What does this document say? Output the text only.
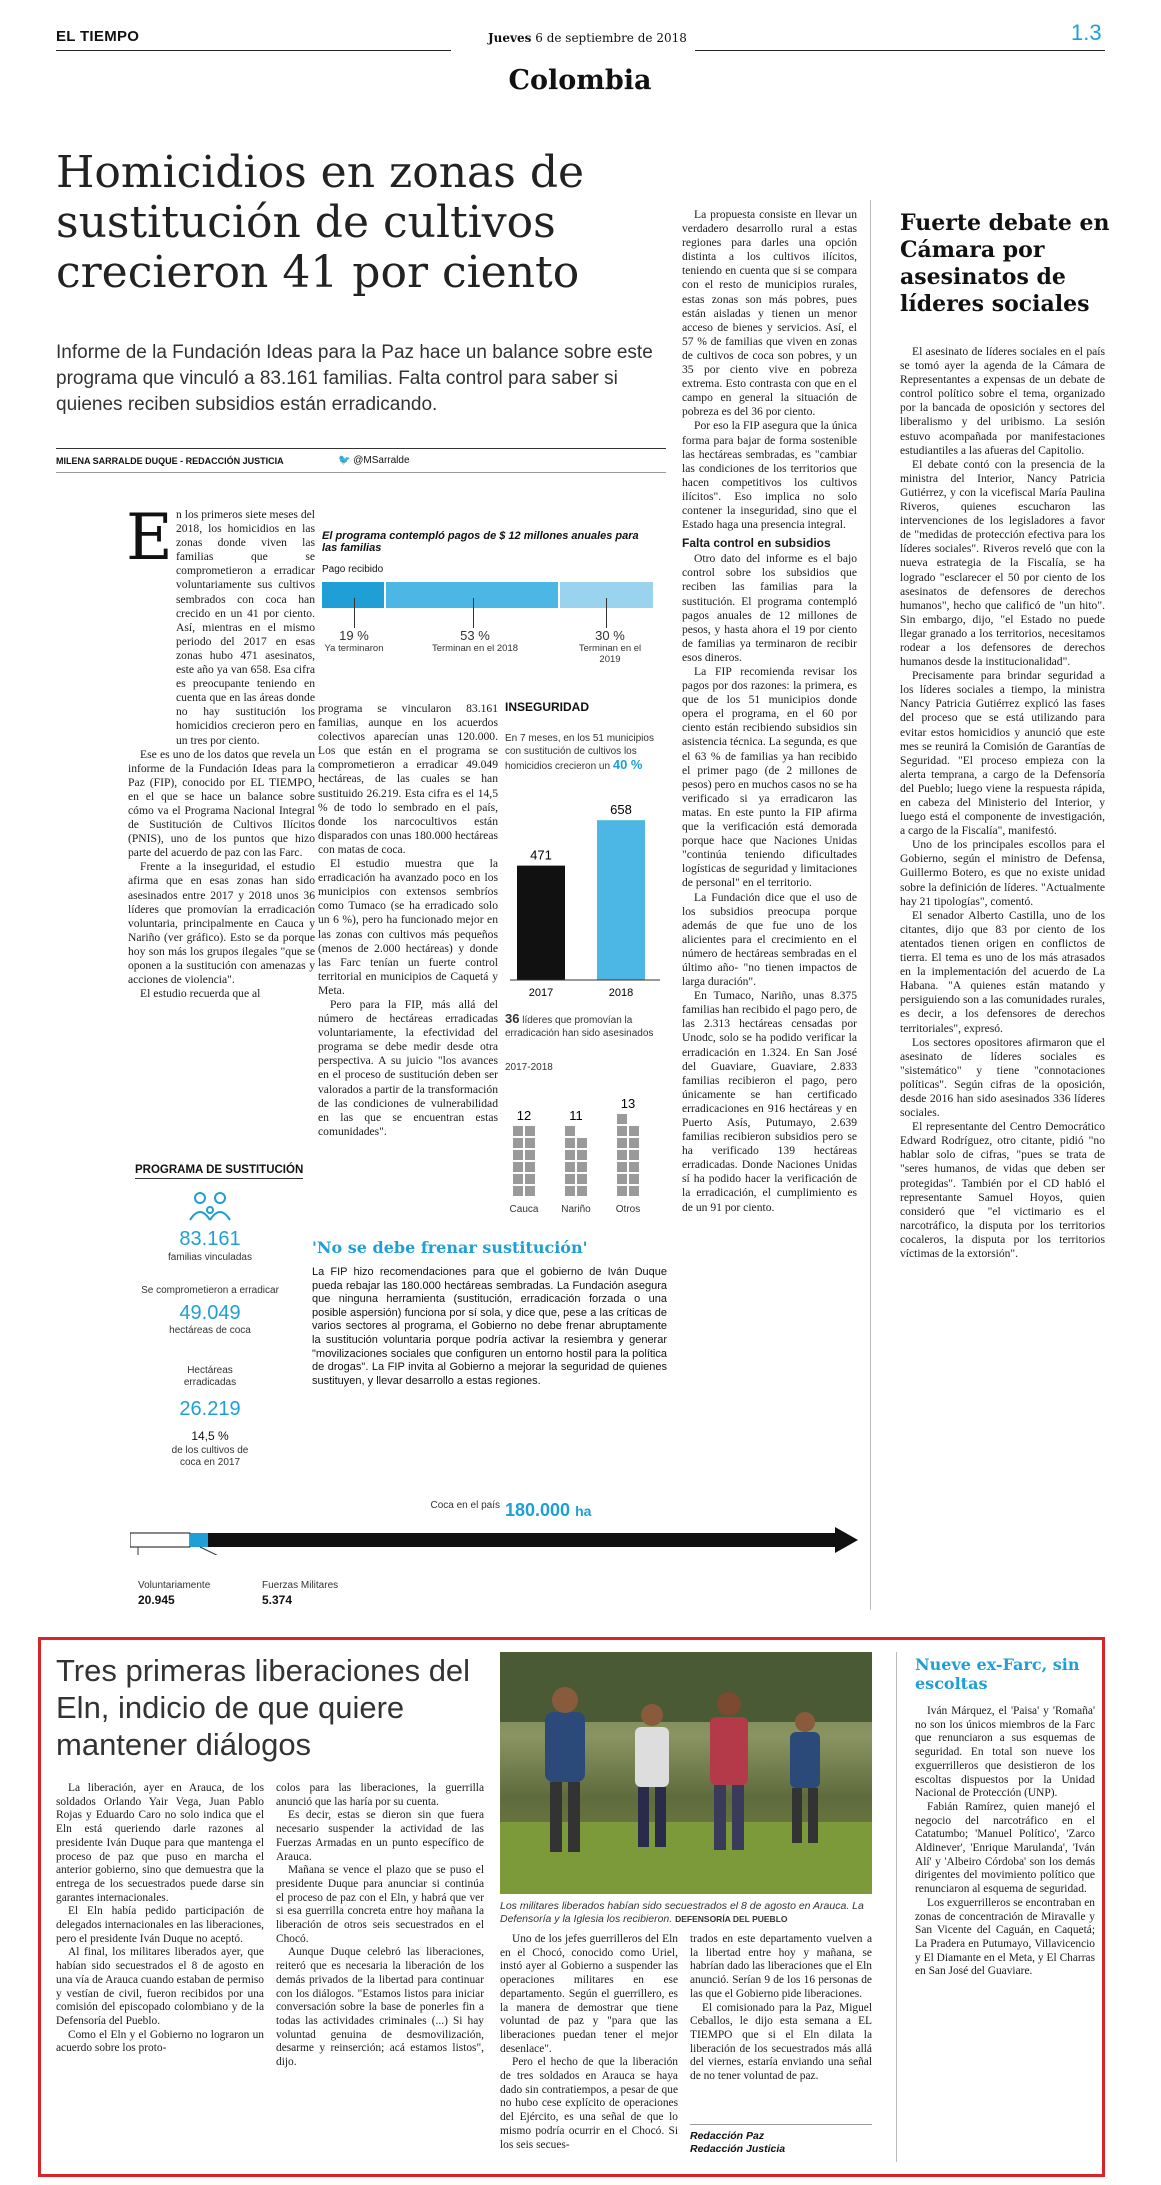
EL TIEMPO	Jueves 6 de septiembre de 2018	1.3
Colombia
Homicidios en zonas de sustitución de cultivos crecieron 41 por ciento
Informe de la Fundación Ideas para la Paz hace un balance sobre este programa que vinculó a 83.161 familias. Falta control para saber si quienes reciben subsidios están erradicando.
MILENA SARRALDE DUQUE - REDACCIÓN JUSTICIA	🐦 @MSarralde
E n los primeros siete meses del 2018, los homicidios en las zonas donde viven las familias que se comprometieron a erradicar voluntariamente sus cultivos sembrados con coca han crecido en un 41 por ciento. Así, mientras en el mismo periodo del 2017 en esas zonas hubo 471 asesinatos, este año ya van 658. Esa cifra es preocupante teniendo en cuenta que en las áreas donde no hay sustitución los homicidios crecieron pero en un tres por ciento.

Ese es uno de los datos que revela un informe de la Fundación Ideas para la Paz (FIP), conocido por EL TIEMPO, en el que se hace un balance sobre cómo va el Programa Nacional Integral de Sustitución de Cultivos Ilícitos (PNIS), uno de los puntos que hizo parte del acuerdo de paz con las Farc.

Frente a la inseguridad, el estudio afirma que en esas zonas han sido asesinados entre 2017 y 2018 unos 36 líderes que promovían la erradicación voluntaria, principalmente en Cauca y Nariño (ver gráfico). Esto se da porque hoy son más los grupos ilegales "que se oponen a la sustitución con amenazas y acciones de violencia".

El estudio recuerda que al

El programa contempló pagos de $ 12 millones anuales para las familias
Pago recibido
19 %
Ya terminaron
53 %
Terminan en el 2018
30 %
Terminan en el 2019

programa se vincularon 83.161 familias, aunque en los acuerdos colectivos aparecían unas 120.000. Los que están en el programa se comprometieron a erradicar 49.049 hectáreas, de las cuales se han sustituido 26.219. Esta cifra es el 14,5 % de todo lo sembrado en el país, donde los narcocultivos están disparados con unas 180.000 hectáreas con matas de coca.

El estudio muestra que la erradicación ha avanzado poco en los municipios con extensos sembríos como Tumaco (se ha erradicado solo un 6 %), pero ha funcionado mejor en las zonas con cultivos más pequeños (menos de 2.000 hectáreas) y donde las Farc tenían un fuerte control territorial en municipios de Caquetá y Meta.

Pero para la FIP, más allá del número de hectáreas erradicadas voluntariamente, la efectividad del programa se debe medir desde otra perspectiva. A su juicio "los avances en el proceso de sustitución deben ser valorados a partir de la transformación de las condiciones de vulnerabilidad en las que se encuentran estas comunidades".

INSEGURIDAD
En 7 meses, en los 51 municipios con sustitución de cultivos los homicidios crecieron un 40 %
471
2017
658
2018
36 líderes que promovían la erradicación han sido asesinados
2017-2018
12
Cauca
11
Nariño
13
Otros
PROGRAMA DE SUSTITUCIÓN
83.161
familias vinculadas
Se comprometieron a erradicar
49.049
hectáreas de coca
Hectáreas erradicadas
26.219
14,5 %
de los cultivos de coca en 2017
'No se debe frenar sustitución'
La FIP hizo recomendaciones para que el gobierno de Iván Duque pueda rebajar las 180.000 hectáreas sembradas. La Fundación asegura que ninguna herramienta (sustitución, erradicación forzada o una posible aspersión) funciona por sí sola, y dice que, pese a las críticas de varios sectores al programa, el Gobierno no debe frenar abruptamente la sustitución voluntaria porque podría activar la resiembra y generar "movilizaciones sociales que configuren un entorno hostil para la política de drogas". La FIP invita al Gobierno a mejorar la seguridad de quienes sustituyen, y llevar desarrollo a estas regiones.
Coca en el país 180.000 ha
Voluntariamente
20.945
Fuerzas Militares
5.374

La propuesta consiste en llevar un verdadero desarrollo rural a estas regiones para darles una opción distinta a los cultivos ilícitos, teniendo en cuenta que si se compara con el resto de municipios rurales, estas zonas son más pobres, pues están aisladas y tienen un menor acceso de bienes y servicios. Así, el 57 % de familias que viven en zonas de cultivos de coca son pobres, y un 35 por ciento vive en pobreza extrema. Esto contrasta con que en el campo en general la situación de pobreza es del 36 por ciento.

Por eso la FIP asegura que la única forma para bajar de forma sostenible las hectáreas sembradas, es "cambiar las condiciones de los territorios que hacen competitivos los cultivos ilícitos". Eso implica no solo contener la inseguridad, sino que el Estado haga una presencia integral.

Falta control en subsidios

Otro dato del informe es el bajo control sobre los subsidios que reciben las familias para la sustitución. El programa contempló pagos anuales de 12 millones de pesos, y hasta ahora el 19 por ciento de familias ya terminaron de recibir esos dineros.

La FIP recomienda revisar los pagos por dos razones: la primera, es que de los 51 municipios donde opera el programa, en el 60 por ciento están recibiendo subsidios sin asistencia técnica. La segunda, es que el 63 % de familias ya han recibido el primer pago (de 2 millones de pesos) pero en muchos casos no se ha verificado si ya erradicaron las matas. En este punto la FIP afirma que la verificación está demorada porque hace que Naciones Unidas "continúa teniendo dificultades logísticas de seguridad y limitaciones de personal" en el territorio.

La Fundación dice que el uso de los subsidios preocupa porque además de que fue uno de los alicientes para el crecimiento en el número de hectáreas sembradas en el último año- "no tienen impactos de larga duración".

En Tumaco, Nariño, unas 8.375 familias han recibido el pago pero, de las 2.313 hectáreas censadas por Unodc, solo se ha podido verificar la erradicación en 1.324. En San José del Guaviare, Guaviare, 2.833 familias recibieron el pago, pero únicamente se han certificado erradicaciones en 916 hectáreas y en Puerto Asís, Putumayo, 2.639 familias recibieron subsidios pero se ha verificado 139 hectáreas erradicadas. Donde Naciones Unidas sí ha podido hacer la verificación de la erradicación, el cumplimiento es de un 91 por ciento.

Fuerte debate en Cámara por asesinatos de líderes sociales

El asesinato de líderes sociales en el país se tomó ayer la agenda de la Cámara de Representantes a expensas de un debate de control político sobre el tema, organizado por la bancada de oposición y sectores del liberalismo y del uribismo. La sesión estuvo acompañada por manifestaciones estudiantiles a las afueras del Capitolio.

El debate contó con la presencia de la ministra del Interior, Nancy Patricia Gutiérrez, y con la vicefiscal María Paulina Riveros, quienes escucharon las intervenciones de los legisladores a favor de "medidas de protección efectiva para los líderes sociales". Riveros reveló que con la nueva estrategia de la Fiscalía, se ha logrado "esclarecer el 50 por ciento de los asesinatos de defensores de derechos humanos", hecho que calificó de "un hito". Sin embargo, dijo, "el Estado no puede llegar granado a los territorios, necesitamos rodear a los defensores de derechos humanos desde la institucionalidad".

Precisamente para brindar seguridad a los líderes sociales a tiempo, la ministra Nancy Patricia Gutiérrez explicó las fases del proceso que se está utilizando para evitar estos homicidios y anunció que este mes se reunirá la Comisión de Garantías de Seguridad. "El proceso empieza con la alerta temprana, a cargo de la Defensoría del Pueblo; luego viene la respuesta rápida, en cabeza del Ministerio del Interior, y luego está el componente de investigación, a cargo de la Fiscalía", manifestó.

Uno de los principales escollos para el Gobierno, según el ministro de Defensa, Guillermo Botero, es que no existe unidad sobre la definición de líderes. "Actualmente hay 21 tipologías", comentó.

El senador Alberto Castilla, uno de los citantes, dijo que 83 por ciento de los atentados tienen origen en conflictos de tierra. El tema es uno de los más atrasados en la implementación del acuerdo de La Habana. "A quienes están matando y persiguiendo son a las comunidades rurales, es decir, a los defensores de derechos territoriales", expresó.

Los sectores opositores afirmaron que el asesinato de líderes sociales es "sistemático" y tiene "connotaciones políticas". Según cifras de la oposición, desde 2016 han sido asesinados 336 líderes sociales.

El representante del Centro Democrático Edward Rodríguez, otro citante, pidió "no hablar solo de cifras, "pues se trata de "seres humanos, de vidas que deben ser protegidas". También por el CD habló el representante Samuel Hoyos, quien consideró que "el victimario es el narcotráfico, la disputa por los territorios cocaleros, la disputa por los territorios víctimas de la extorsión".

Tres primeras liberaciones del Eln, indicio de que quiere mantener diálogos

La liberación, ayer en Arauca, de los soldados Orlando Yair Vega, Juan Pablo Rojas y Eduardo Caro no solo indica que el Eln está queriendo darle razones al presidente Iván Duque para que mantenga el proceso de paz que puso en marcha el anterior gobierno, sino que demuestra que la entrega de los secuestrados puede darse sin garantes internacionales.

El Eln había pedido participación de delegados internacionales en las liberaciones, pero el presidente Iván Duque no aceptó.

Al final, los militares liberados ayer, que habían sido secuestrados el 8 de agosto en una vía de Arauca cuando estaban de permiso y vestían de civil, fueron recibidos por una comisión del episcopado colombiano y de la Defensoría del Pueblo.

Como el Eln y el Gobierno no lograron un acuerdo sobre los proto-

colos para las liberaciones, la guerrilla anunció que las haría por su cuenta.

Es decir, estas se dieron sin que fuera necesario suspender la actividad de las Fuerzas Armadas en un punto específico de Arauca.

Mañana se vence el plazo que se puso el presidente Duque para anunciar si continúa el proceso de paz con el Eln, y habrá que ver si esa guerrilla concreta entre hoy mañana la liberación de otros seis secuestrados en el Chocó.

Aunque Duque celebró las liberaciones, reiteró que es necesaria la liberación de los demás privados de la libertad para continuar con los diálogos. "Estamos listos para iniciar conversación sobre la base de ponerles fin a todas las actividades criminales (...) Si hay voluntad genuina de desmovilización, desarme y reinserción; acá estamos listos", dijo.

Los militares liberados habían sido secuestrados el 8 de agosto en Arauca. La Defensoría y la Iglesia los recibieron. DEFENSORÍA DEL PUEBLO

Uno de los jefes guerrilleros del Eln en el Chocó, conocido como Uriel, instó ayer al Gobierno a suspender las operaciones militares en ese departamento. Según el guerrillero, es la manera de demostrar que tiene voluntad de paz y "para que las liberaciones puedan tener el mejor desenlace".

Pero el hecho de que la liberación de tres soldados en Arauca se haya dado sin contratiempos, a pesar de que no hubo cese explícito de operaciones del Ejército, es una señal de que lo mismo podría ocurrir en el Chocó. Si los seis secues-

trados en este departamento vuelven a la libertad entre hoy y mañana, se habrían dado las liberaciones que el Eln anunció. Serían 9 de los 16 personas de las que el Gobierno pide liberaciones.

El comisionado para la Paz, Miguel Ceballos, le dijo esta semana a EL TIEMPO que si el Eln dilata la liberación de los secuestrados más allá del viernes, estaría enviando una señal de no tener voluntad de paz.

Redacción Paz
Redacción Justicia
Nueve ex-Farc, sin escoltas

Iván Márquez, el 'Paisa' y 'Romaña' no son los únicos miembros de la Farc que renunciaron a sus esquemas de seguridad. En total son nueve los exguerrilleros que desistieron de los escoltas dispuestos por la Unidad Nacional de Protección (UNP).

Fabián Ramírez, quien manejó el negocio del narcotráfico en el Catatumbo; 'Manuel Político', 'Zarco Aldinever', 'Enrique Marulanda', 'Iván Alí' y 'Albeiro Córdoba' son los demás dirigentes del movimiento político que renunciaron al esquema de seguridad.

Los exguerrilleros se encontraban en zonas de concentración de Miravalle y San Vicente del Caguán, en Caquetá; La Pradera en Putumayo, Villavicencio y El Diamante en el Meta, y El Charras en San José del Guaviare.
